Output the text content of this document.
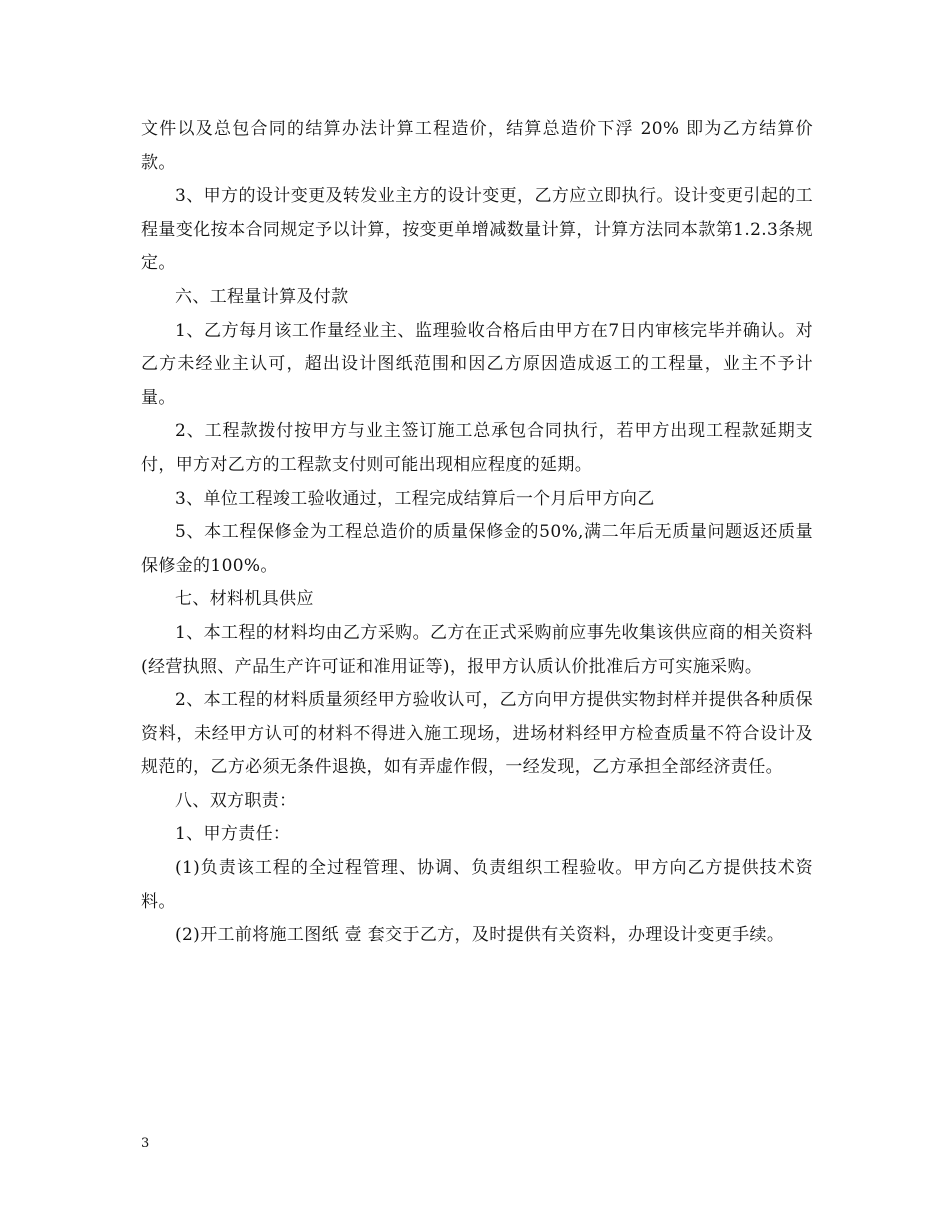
文件以及总包合同的结算办法计算工程造价，结算总造价下浮 20% 即为乙方结算价款。

3、甲方的设计变更及转发业主方的设计变更，乙方应立即执行。设计变更引起的工程量变化按本合同规定予以计算，按变更单增减数量计算，计算方法同本款第1.2.3条规定。

六、工程量计算及付款

1、乙方每月该工作量经业主、监理验收合格后由甲方在7日内审核完毕并确认。对乙方未经业主认可，超出设计图纸范围和因乙方原因造成返工的工程量，业主不予计量。

2、工程款拨付按甲方与业主签订施工总承包合同执行，若甲方出现工程款延期支付，甲方对乙方的工程款支付则可能出现相应程度的延期。

3、单位工程竣工验收通过，工程完成结算后一个月后甲方向乙

5、本工程保修金为工程总造价的质量保修金的50%,满二年后无质量问题返还质量保修金的100%。

七、材料机具供应

1、本工程的材料均由乙方采购。乙方在正式采购前应事先收集该供应商的相关资料(经营执照、产品生产许可证和准用证等)，报甲方认质认价批准后方可实施采购。

2、本工程的材料质量须经甲方验收认可，乙方向甲方提供实物封样并提供各种质保资料，未经甲方认可的材料不得进入施工现场，进场材料经甲方检查质量不符合设计及规范的，乙方必须无条件退换，如有弄虚作假，一经发现，乙方承担全部经济责任。

八、双方职责：

1、甲方责任：

(1)负责该工程的全过程管理、协调、负责组织工程验收。甲方向乙方提供技术资料。

(2)开工前将施工图纸 壹 套交于乙方，及时提供有关资料，办理设计变更手续。

3
